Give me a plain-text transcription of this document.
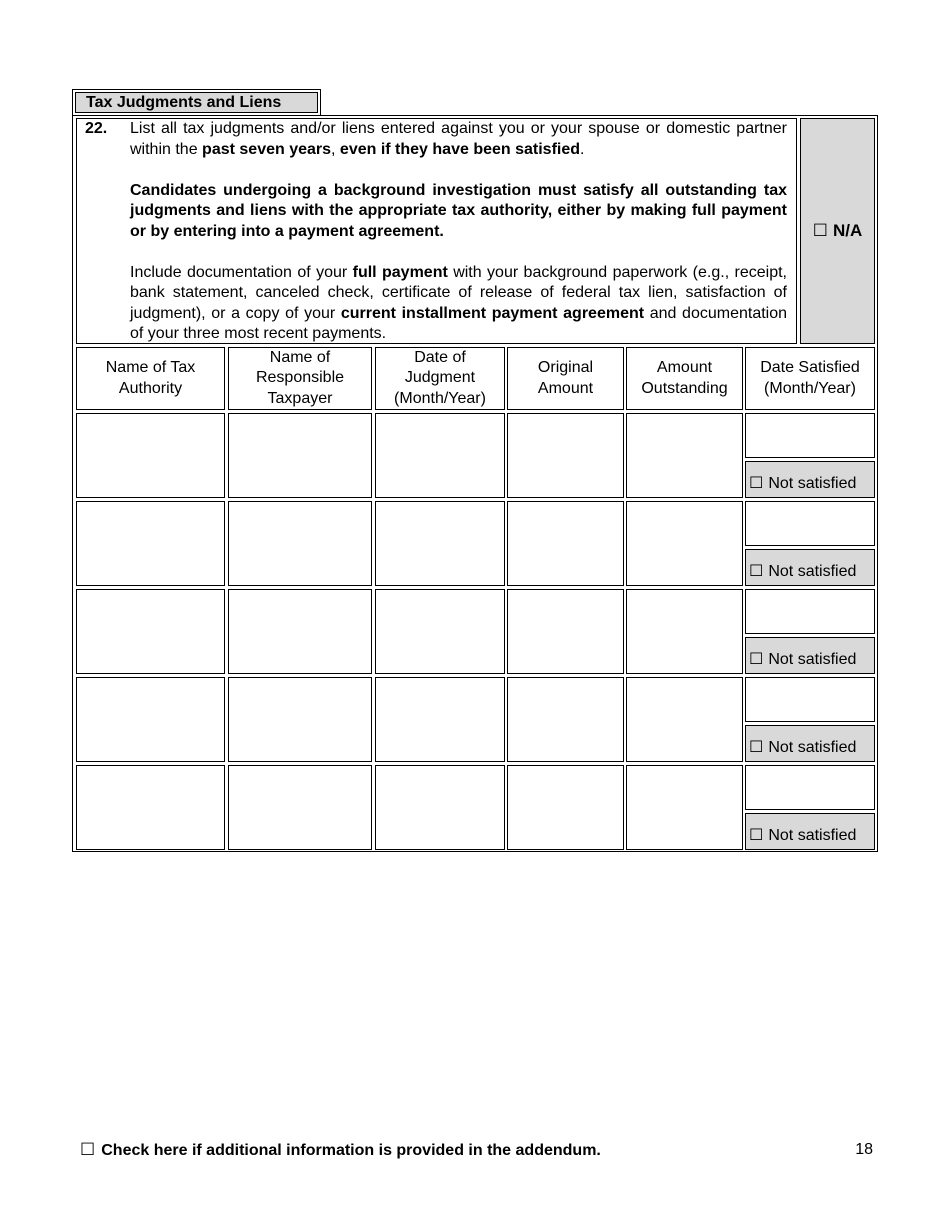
Tax Judgments and Liens
22. List all tax judgments and/or liens entered against you or your spouse or domestic partner within the past seven years, even if they have been satisfied.

Candidates undergoing a background investigation must satisfy all outstanding tax judgments and liens with the appropriate tax authority, either by making full payment or by entering into a payment agreement.

Include documentation of your full payment with your background paperwork (e.g., receipt, bank statement, canceled check, certificate of release of federal tax lien, satisfaction of judgment), or a copy of your current installment payment agreement and documentation of your three most recent payments.

☐ N/A
Name of Tax
Authority
Name of
Responsible
Taxpayer
Date of
Judgment
(Month/Year)
Original
Amount
Amount
Outstanding
Date Satisfied
(Month/Year)
☐ Not satisfied
☐ Not satisfied
☐ Not satisfied
☐ Not satisfied
☐ Not satisfied
☐ Check here if additional information is provided in the addendum.	18
